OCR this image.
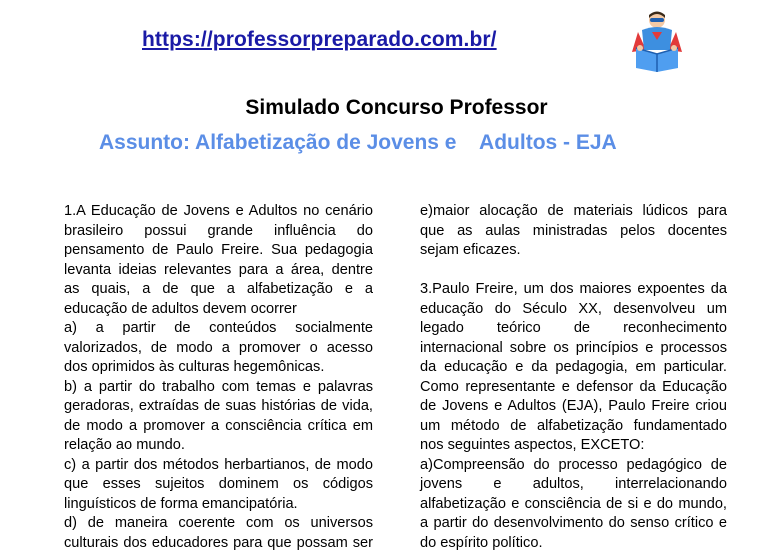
https://professorpreparado.com.br/
Simulado Concurso Professor
Assunto: Alfabetização de Jovens e    Adultos - EJA

1.A Educação de Jovens e Adultos no cenário

brasileiro possui grande influência do

pensamento de Paulo Freire. Sua pedagogia

levanta ideias relevantes para a área, dentre

as quais, a de que a alfabetização e a

educação de adultos devem ocorrer

a) a partir de conteúdos socialmente

valorizados, de modo a promover o acesso

dos oprimidos às culturas hegemônicas.

b) a partir do trabalho com temas e palavras

geradoras, extraídas de suas histórias de vida,

de modo a promover a consciência crítica em

relação ao mundo.

c) a partir dos métodos herbartianos, de modo

que esses sujeitos dominem os códigos

linguísticos de forma emancipatória.

d) de maneira coerente com os universos

culturais dos educadores para que possam ser

e)maior alocação de materiais lúdicos para

que as aulas ministradas pelos docentes

sejam eficazes.

3.Paulo Freire, um dos maiores expoentes da

educação do Século XX, desenvolveu um

legado teórico de reconhecimento

internacional sobre os princípios e processos

da educação e da pedagogia, em particular.

Como representante e defensor da Educação

de Jovens e Adultos (EJA), Paulo Freire criou

um método de alfabetização fundamentado

nos seguintes aspectos, EXCETO:

a)Compreensão do processo pedagógico de

jovens e adultos, interrelacionando

alfabetização e consciência de si e do mundo,

a partir do desenvolvimento do senso crítico e

do espírito político.
